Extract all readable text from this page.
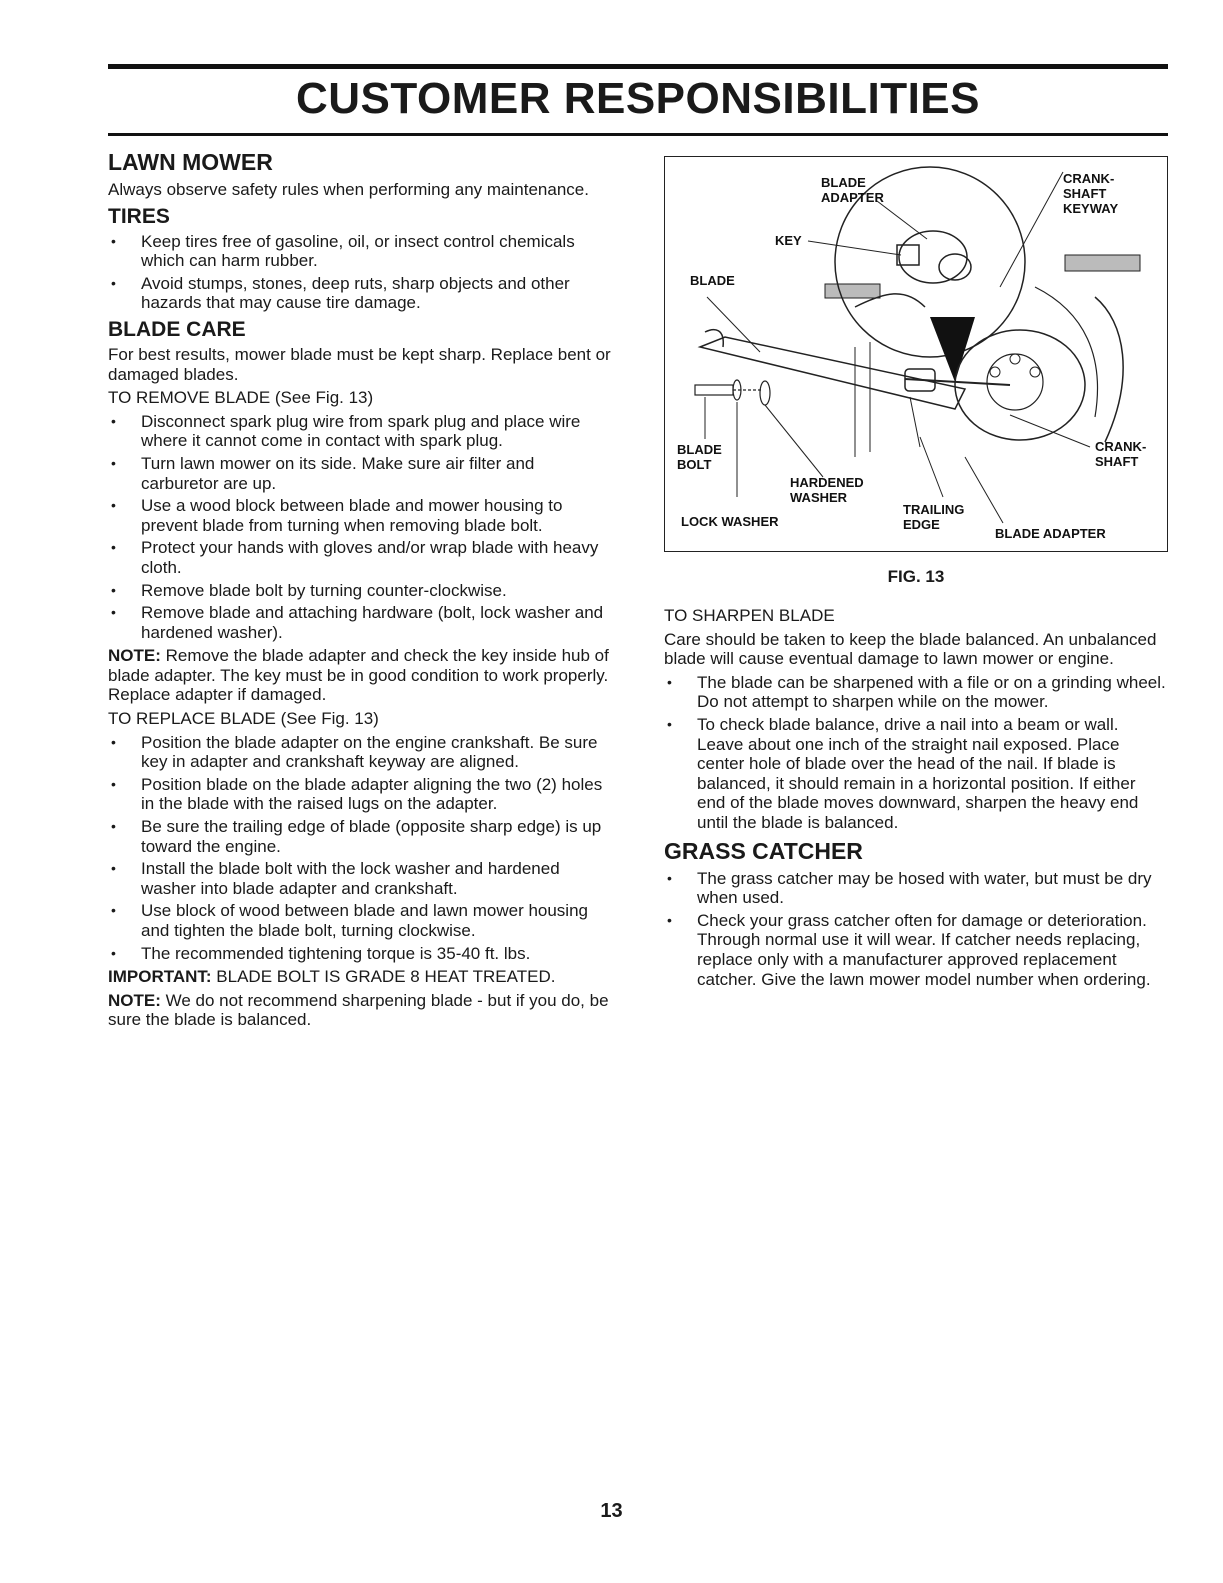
CUSTOMER RESPONSIBILITIES
LAWN MOWER

Always observe safety rules when performing any maintenance.

TIRES
• Keep tires free of gasoline, oil, or insect control chemicals which can harm rubber.
• Avoid stumps, stones, deep ruts, sharp objects and other hazards that may cause tire damage.
BLADE CARE

For best results, mower blade must be kept sharp. Replace bent or damaged blades.

TO REMOVE BLADE (See Fig. 13)

• Disconnect spark plug wire from spark plug and place wire where it cannot come in contact with spark plug.
• Turn lawn mower on its side. Make sure air filter and carburetor are up.
• Use a wood block between blade and mower housing to prevent blade from turning when removing blade bolt.
• Protect your hands with gloves and/or wrap blade with heavy cloth.
• Remove blade bolt by turning counter-clockwise.
• Remove blade and attaching hardware (bolt, lock washer and hardened washer).

NOTE: Remove the blade adapter and check the key inside hub of blade adapter. The key must be in good condition to work properly. Replace adapter if damaged.

TO REPLACE BLADE (See Fig. 13)

• Position the blade adapter on the engine crankshaft. Be sure key in adapter and crankshaft keyway are aligned.
• Position blade on the blade adapter aligning the two (2) holes in the blade with the raised lugs on the adapter.
• Be sure the trailing edge of blade (opposite sharp edge) is up toward the engine.
• Install the blade bolt with the lock washer and hardened washer into blade adapter and crankshaft.
• Use block of wood between blade and lawn mower housing and tighten the blade bolt, turning clockwise.
• The recommended tightening torque is 35-40 ft. lbs.

IMPORTANT: BLADE BOLT IS GRADE 8 HEAT TREATED.

NOTE: We do not recommend sharpening blade - but if you do, be sure the blade is balanced.

BLADE
ADAPTER
CRANK-
SHAFT
KEYWAY
KEY
BLADE
BLADE
BOLT
CRANK-
SHAFT
HARDENED
WASHER
TRAILING
EDGE
LOCK WASHER
BLADE ADAPTER
FIG. 13

TO SHARPEN BLADE

Care should be taken to keep the blade balanced. An unbalanced blade will cause eventual damage to lawn mower or engine.

• The blade can be sharpened with a file or on a grinding wheel. Do not attempt to sharpen while on the mower.
• To check blade balance, drive a nail into a beam or wall. Leave about one inch of the straight nail exposed. Place center hole of blade over the head of the nail. If blade is balanced, it should remain in a horizontal position. If either end of the blade moves downward, sharpen the heavy end until the blade is balanced.
GRASS CATCHER
• The grass catcher may be hosed with water, but must be dry when used.
• Check your grass catcher often for damage or deterioration. Through normal use it will wear. If catcher needs replacing, replace only with a manufacturer approved replacement catcher. Give the lawn mower model number when ordering.
13
